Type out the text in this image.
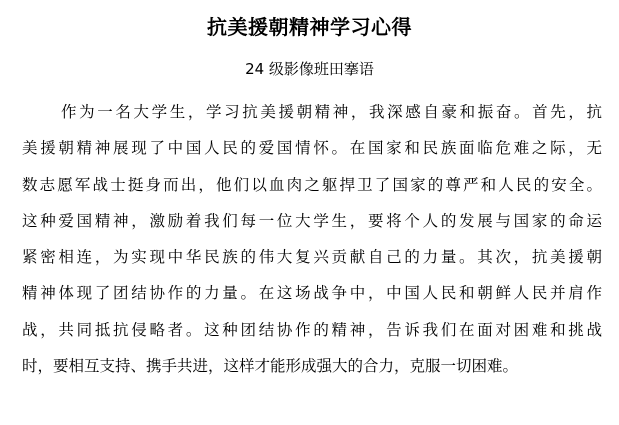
抗美援朝精神学习心得
24 级影像班田搴语
作为一名大学生，学习抗美援朝精神，我深感自豪和振奋。首先，抗
美援朝精神展现了中国人民的爱国情怀。在国家和民族面临危难之际，无
数志愿军战士挺身而出，他们以血肉之躯捍卫了国家的尊严和人民的安全。
这种爱国精神，激励着我们每一位大学生，要将个人的发展与国家的命运
紧密相连，为实现中华民族的伟大复兴贡献自己的力量。其次，抗美援朝
精神体现了团结协作的力量。在这场战争中，中国人民和朝鲜人民并肩作
战，共同抵抗侵略者。这种团结协作的精神，告诉我们在面对困难和挑战
时，要相互支持、携手共进，这样才能形成强大的合力，克服一切困难。
